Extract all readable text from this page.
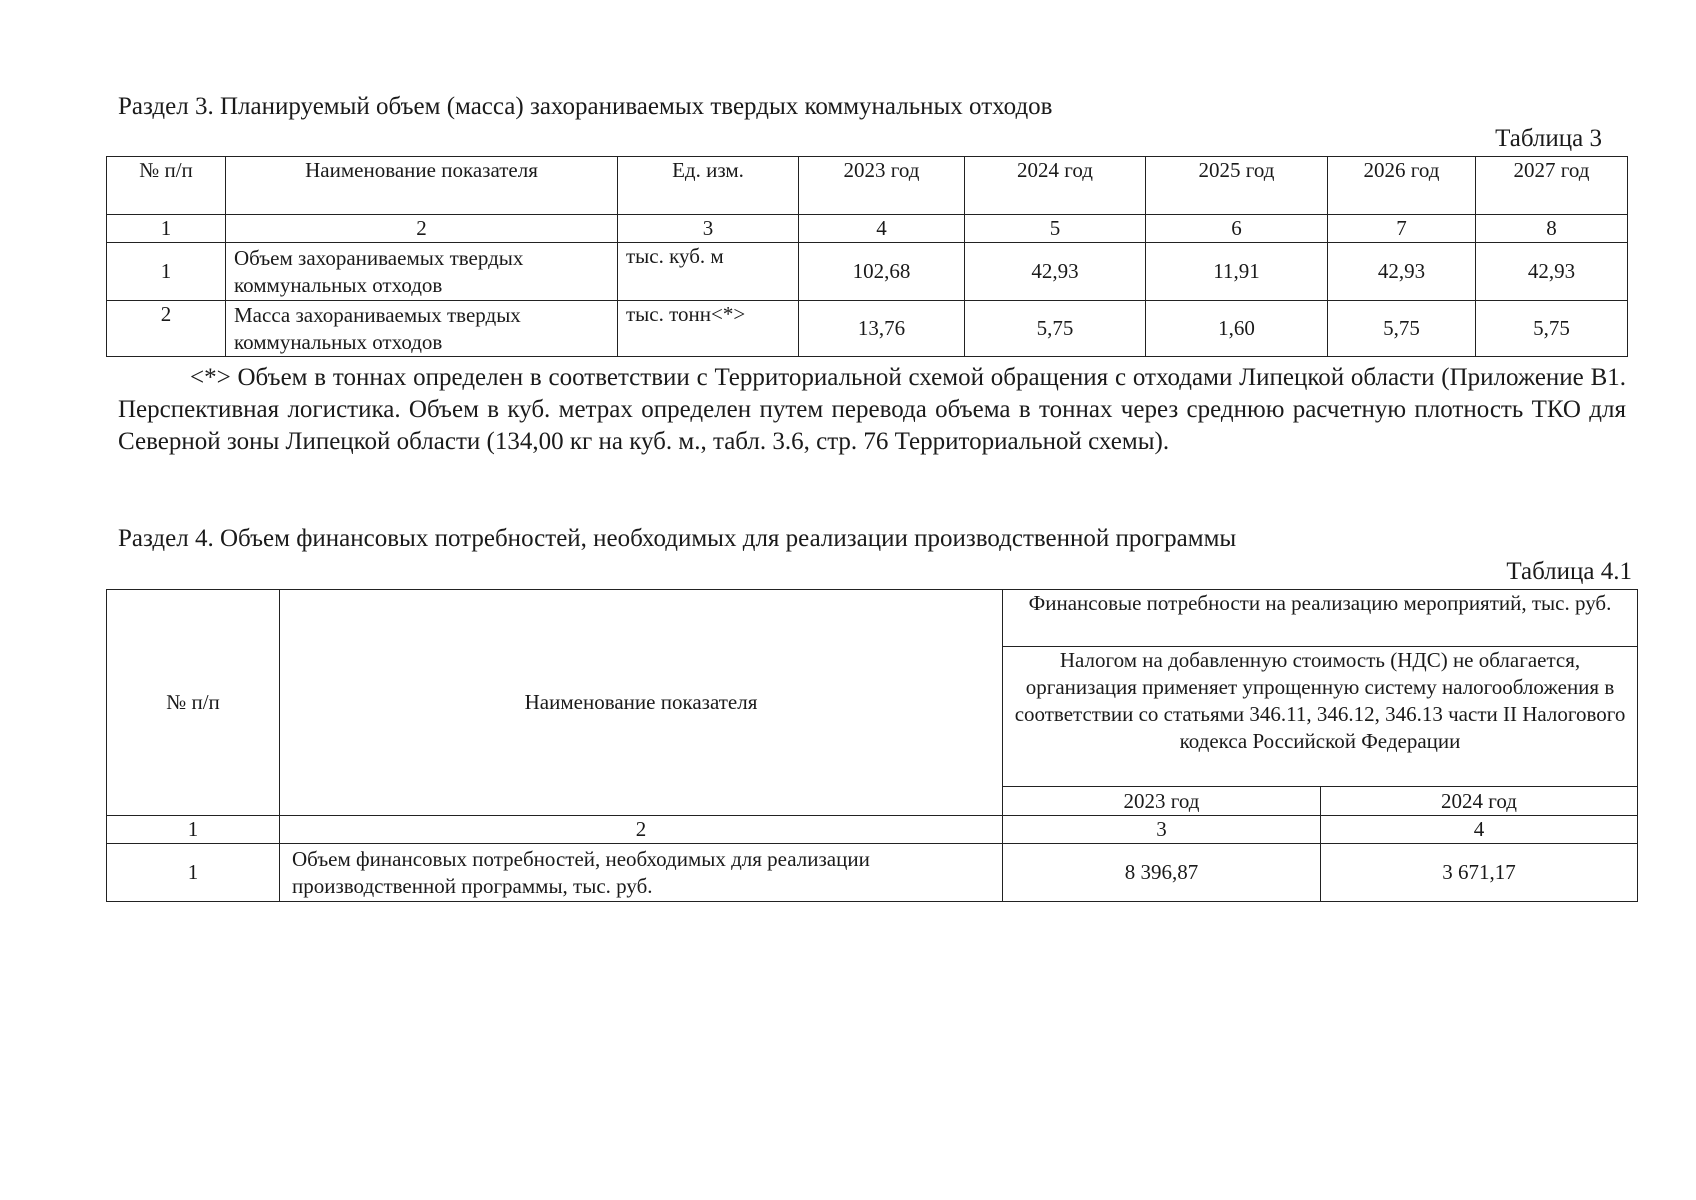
Раздел 3. Планируемый объем (масса) захораниваемых твердых коммунальных отходов
Таблица 3
№ п/п	Наименование показателя	Ед. изм.	2023 год	2024 год	2025 год	2026 год	2027 год
1	2	3	4	5	6	7	8
1	Объем захораниваемых твердых коммунальных отходов	тыс. куб. м	102,68	42,93	11,91	42,93	42,93
2	Масса захораниваемых твердых коммунальных отходов	тыс. тонн<*>	13,76	5,75	1,60	5,75	5,75
<*> Объем в тоннах определен в соответствии с Территориальной схемой обращения с отходами Липецкой области (Приложение В1. Перспективная логистика. Объем в куб. метрах определен путем перевода объема в тоннах через среднюю расчетную плотность ТКО для Северной зоны Липецкой области (134,00 кг на куб. м., табл. 3.6, стр. 76 Территориальной схемы).
Раздел 4. Объем финансовых потребностей, необходимых для реализации производственной программы
Таблица 4.1
№ п/п	Наименование показателя	Финансовые потребности на реализацию мероприятий, тыс. руб.	
		Налогом на добавленную стоимость (НДС) не облагается, организация применяет упрощенную систему налогообложения в соответствии со статьями 346.11, 346.12, 346.13 части II Налогового кодекса Российской Федерации	
		2023 год	2024 год
1	2	3	4
1	Объем финансовых потребностей, необходимых для реализации производственной программы, тыс. руб.	8 396,87	3 671,17
